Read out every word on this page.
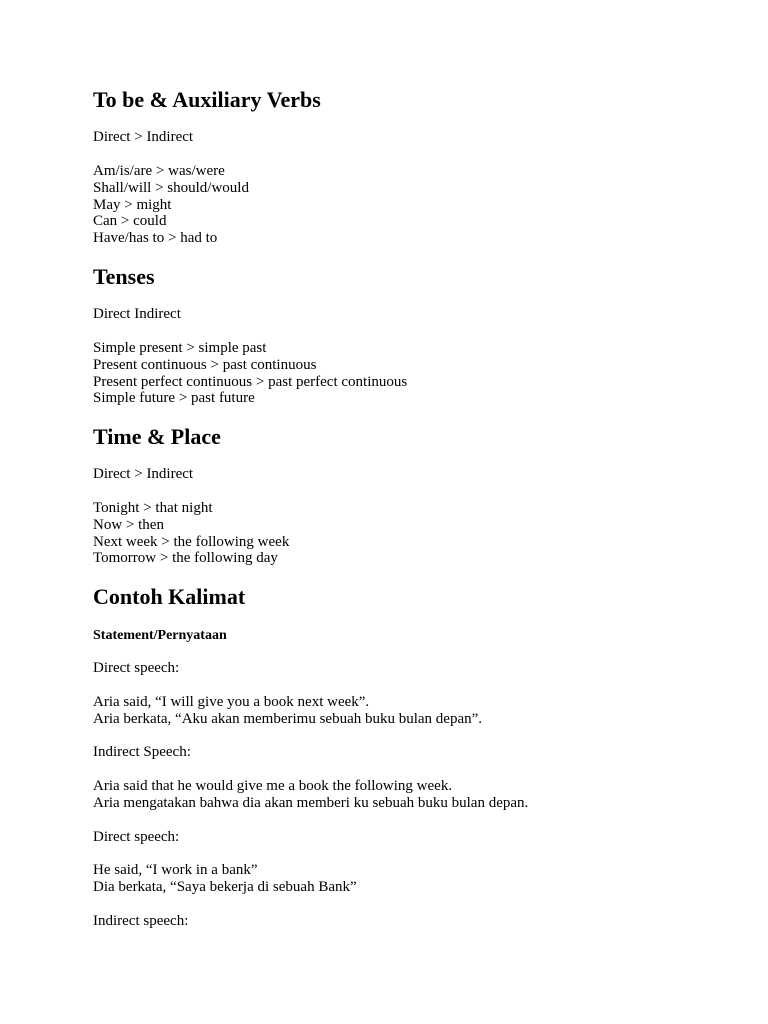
To be & Auxiliary Verbs

Direct > Indirect

Am/is/are > was/were
Shall/will > should/would
May > might
Can > could
Have/has to > had to
Tenses

Direct Indirect

Simple present > simple past
Present continuous > past continuous
Present perfect continuous > past perfect continuous
Simple future > past future
Time & Place

Direct > Indirect

Tonight > that night
Now > then
Next week > the following week
Tomorrow > the following day
Contoh Kalimat

Statement/Pernyataan

Direct speech:

Aria said, “I will give you a book next week”.
Aria berkata, “Aku akan memberimu sebuah buku bulan depan”.

Indirect Speech:

Aria said that he would give me a book the following week.
Aria mengatakan bahwa dia akan memberi ku sebuah buku bulan depan.

Direct speech:

He said, “I work in a bank”
Dia berkata, “Saya bekerja di sebuah Bank”

Indirect speech:
